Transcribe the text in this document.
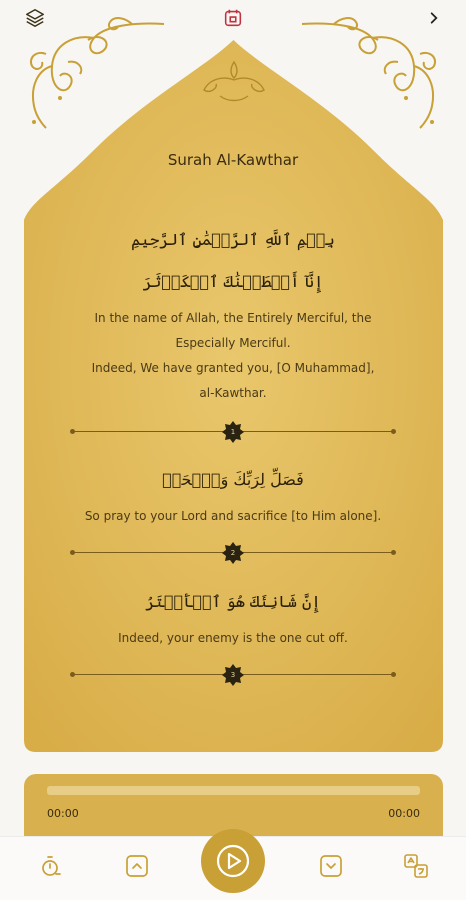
Surah Al-Kawthar
بِسۡمِ ٱللَّهِ ٱلرَّحۡمَٰنِ ٱلرَّحِيمِ
إِنَّآ أَعۡطَيۡنَٰكَ ٱلۡكَوۡثَرَ
In the name of Allah, the Entirely Merciful, the
Especially Merciful.
Indeed, We have granted you, [O Muhammad],
al-Kawthar.
1
فَصَلِّ لِرَبِّكَ وَٱنۡحَرۡ
So pray to your Lord and sacrifice [to Him alone].
2
إِنَّ شَانِئَكَ هُوَ ٱلۡأَبۡتَرُ
Indeed, your enemy is the one cut off.
3
00:00	00:00
